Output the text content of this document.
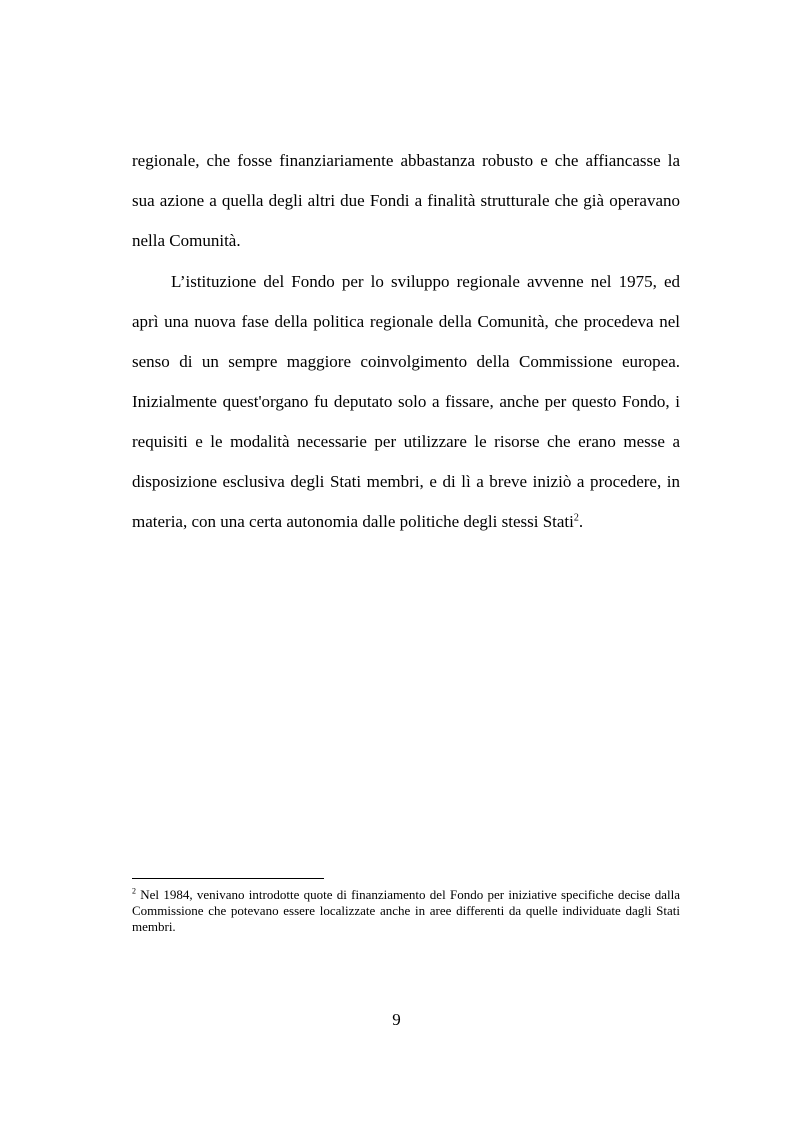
regionale, che fosse finanziariamente abbastanza robusto e che affiancasse la
sua azione a quella degli altri due Fondi a finalità strutturale che già operavano
nella Comunità.
L’istituzione del Fondo per lo sviluppo regionale avvenne nel 1975, ed
aprì una nuova fase della politica regionale della Comunità, che procedeva nel
senso di un sempre maggiore coinvolgimento della Commissione europea.
Inizialmente quest'organo fu deputato solo a fissare, anche per questo Fondo, i
requisiti e le modalità necessarie per utilizzare le risorse che erano messe a
disposizione esclusiva degli Stati membri, e di lì a breve iniziò a procedere, in
materia, con una certa autonomia dalle politiche degli stessi Stati$^2$.
$^2$ Nel 1984, venivano introdotte quote di finanziamento del Fondo per iniziative specifiche decise dalla
Commissione che potevano essere localizzate anche in aree differenti da quelle individuate dagli Stati
membri.
9
